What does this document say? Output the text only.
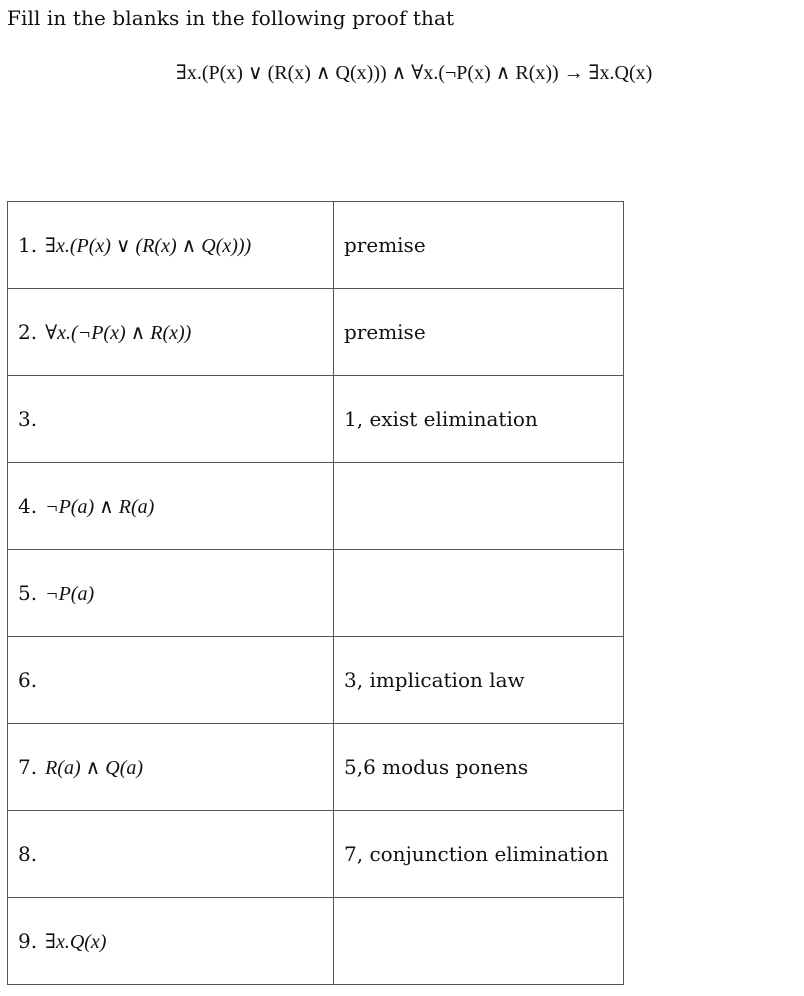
Fill in the blanks in the following proof that
∃x.(P(x) ∨ (R(x) ∧ Q(x))) ∧ ∀x.(¬P(x) ∧ R(x)) → ∃x.Q(x)
1. ∃x.(P(x) ∨ (R(x) ∧ Q(x)))	premise
2. ∀x.(¬P(x) ∧ R(x))	premise
3.	1, exist elimination
4. ¬P(a) ∧ R(a)	
5. ¬P(a)	
6.	3, implication law
7. R(a) ∧ Q(a)	5,6 modus ponens
8.	7, conjunction elimination
9. ∃x.Q(x)	
